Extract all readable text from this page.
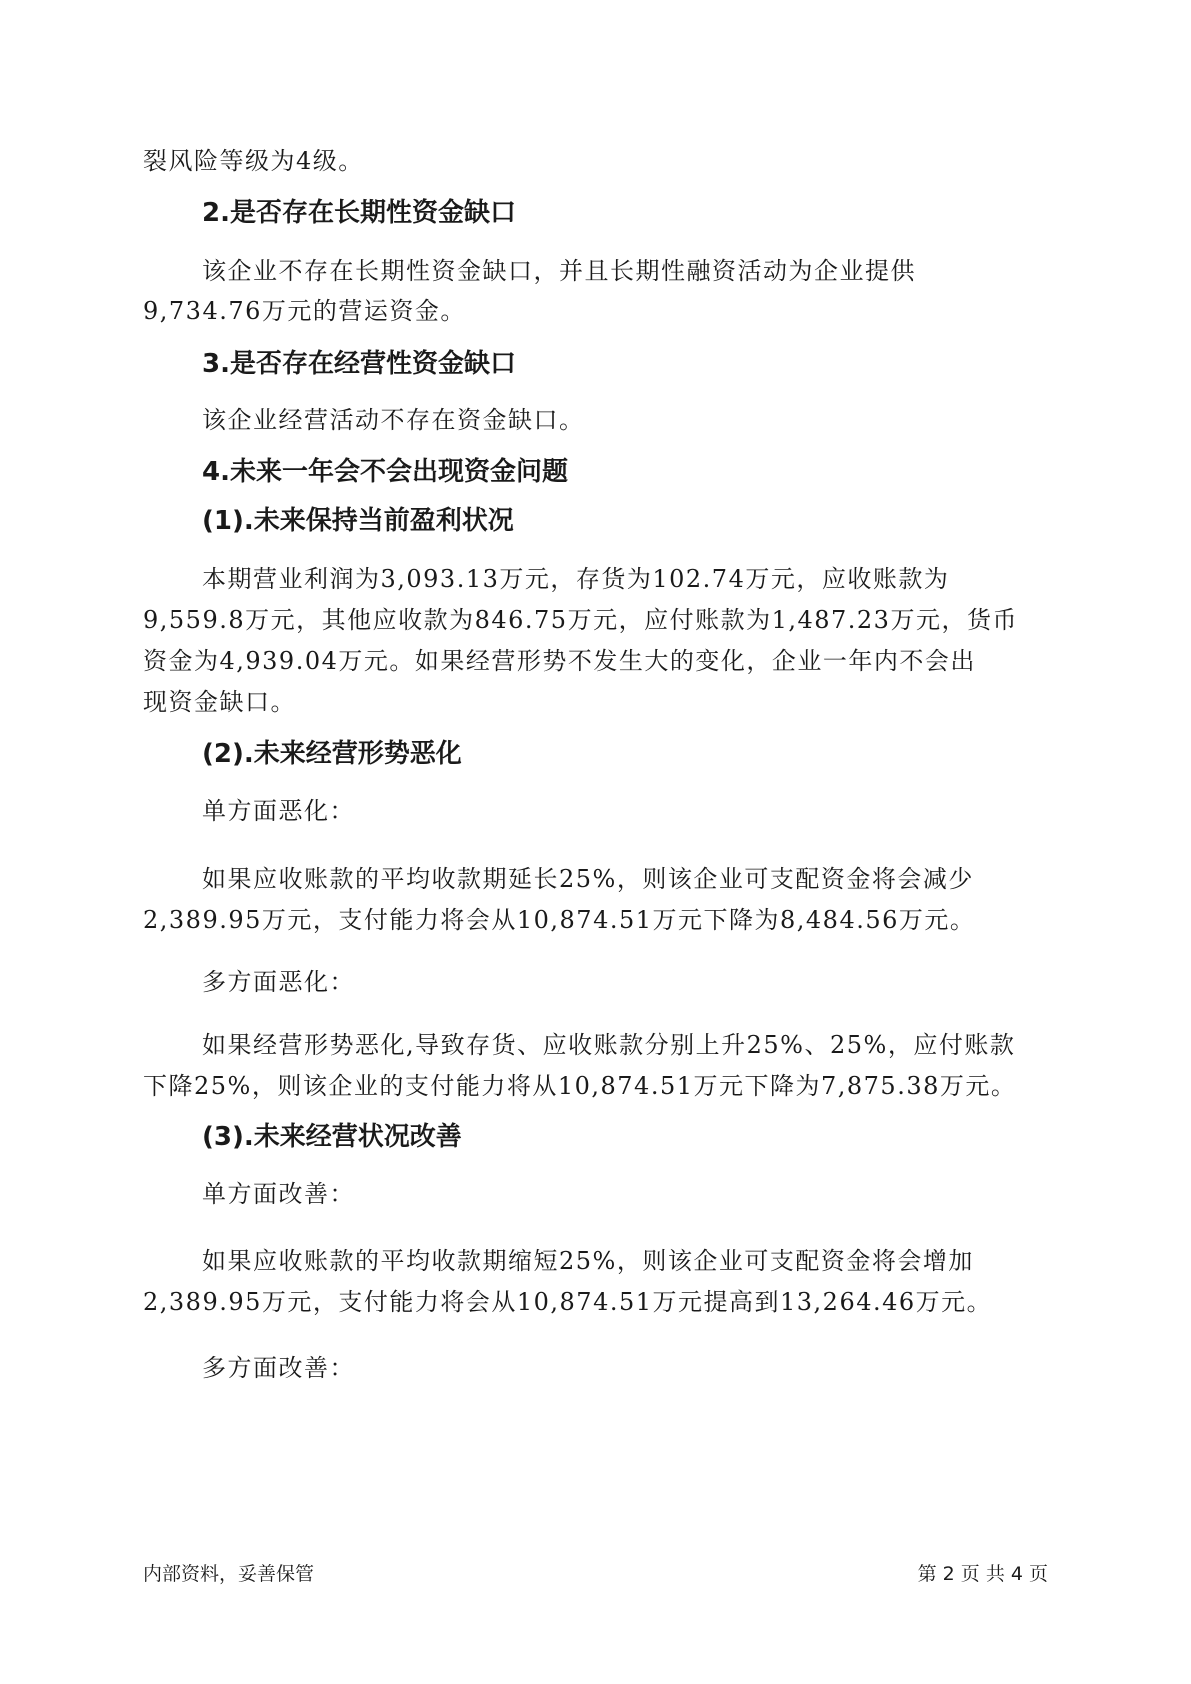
裂风险等级为4级。
2.是否存在长期性资金缺口
该企业不存在长期性资金缺口，并且长期性融资活动为企业提供
9,734.76万元的营运资金。
3.是否存在经营性资金缺口
该企业经营活动不存在资金缺口。
4.未来一年会不会出现资金问题
(1).未来保持当前盈利状况
本期营业利润为3,093.13万元，存货为102.74万元，应收账款为
9,559.8万元，其他应收款为846.75万元，应付账款为1,487.23万元，货币
资金为4,939.04万元。如果经营形势不发生大的变化，企业一年内不会出
现资金缺口。
(2).未来经营形势恶化
单方面恶化：
如果应收账款的平均收款期延长25%，则该企业可支配资金将会减少
2,389.95万元，支付能力将会从10,874.51万元下降为8,484.56万元。
多方面恶化：
如果经营形势恶化,导致存货、应收账款分别上升25%、25%，应付账款
下降25%，则该企业的支付能力将从10,874.51万元下降为7,875.38万元。
(3).未来经营状况改善
单方面改善：
如果应收账款的平均收款期缩短25%，则该企业可支配资金将会增加
2,389.95万元，支付能力将会从10,874.51万元提高到13,264.46万元。
多方面改善：
内部资料，妥善保管	第 2 页 共 4 页
